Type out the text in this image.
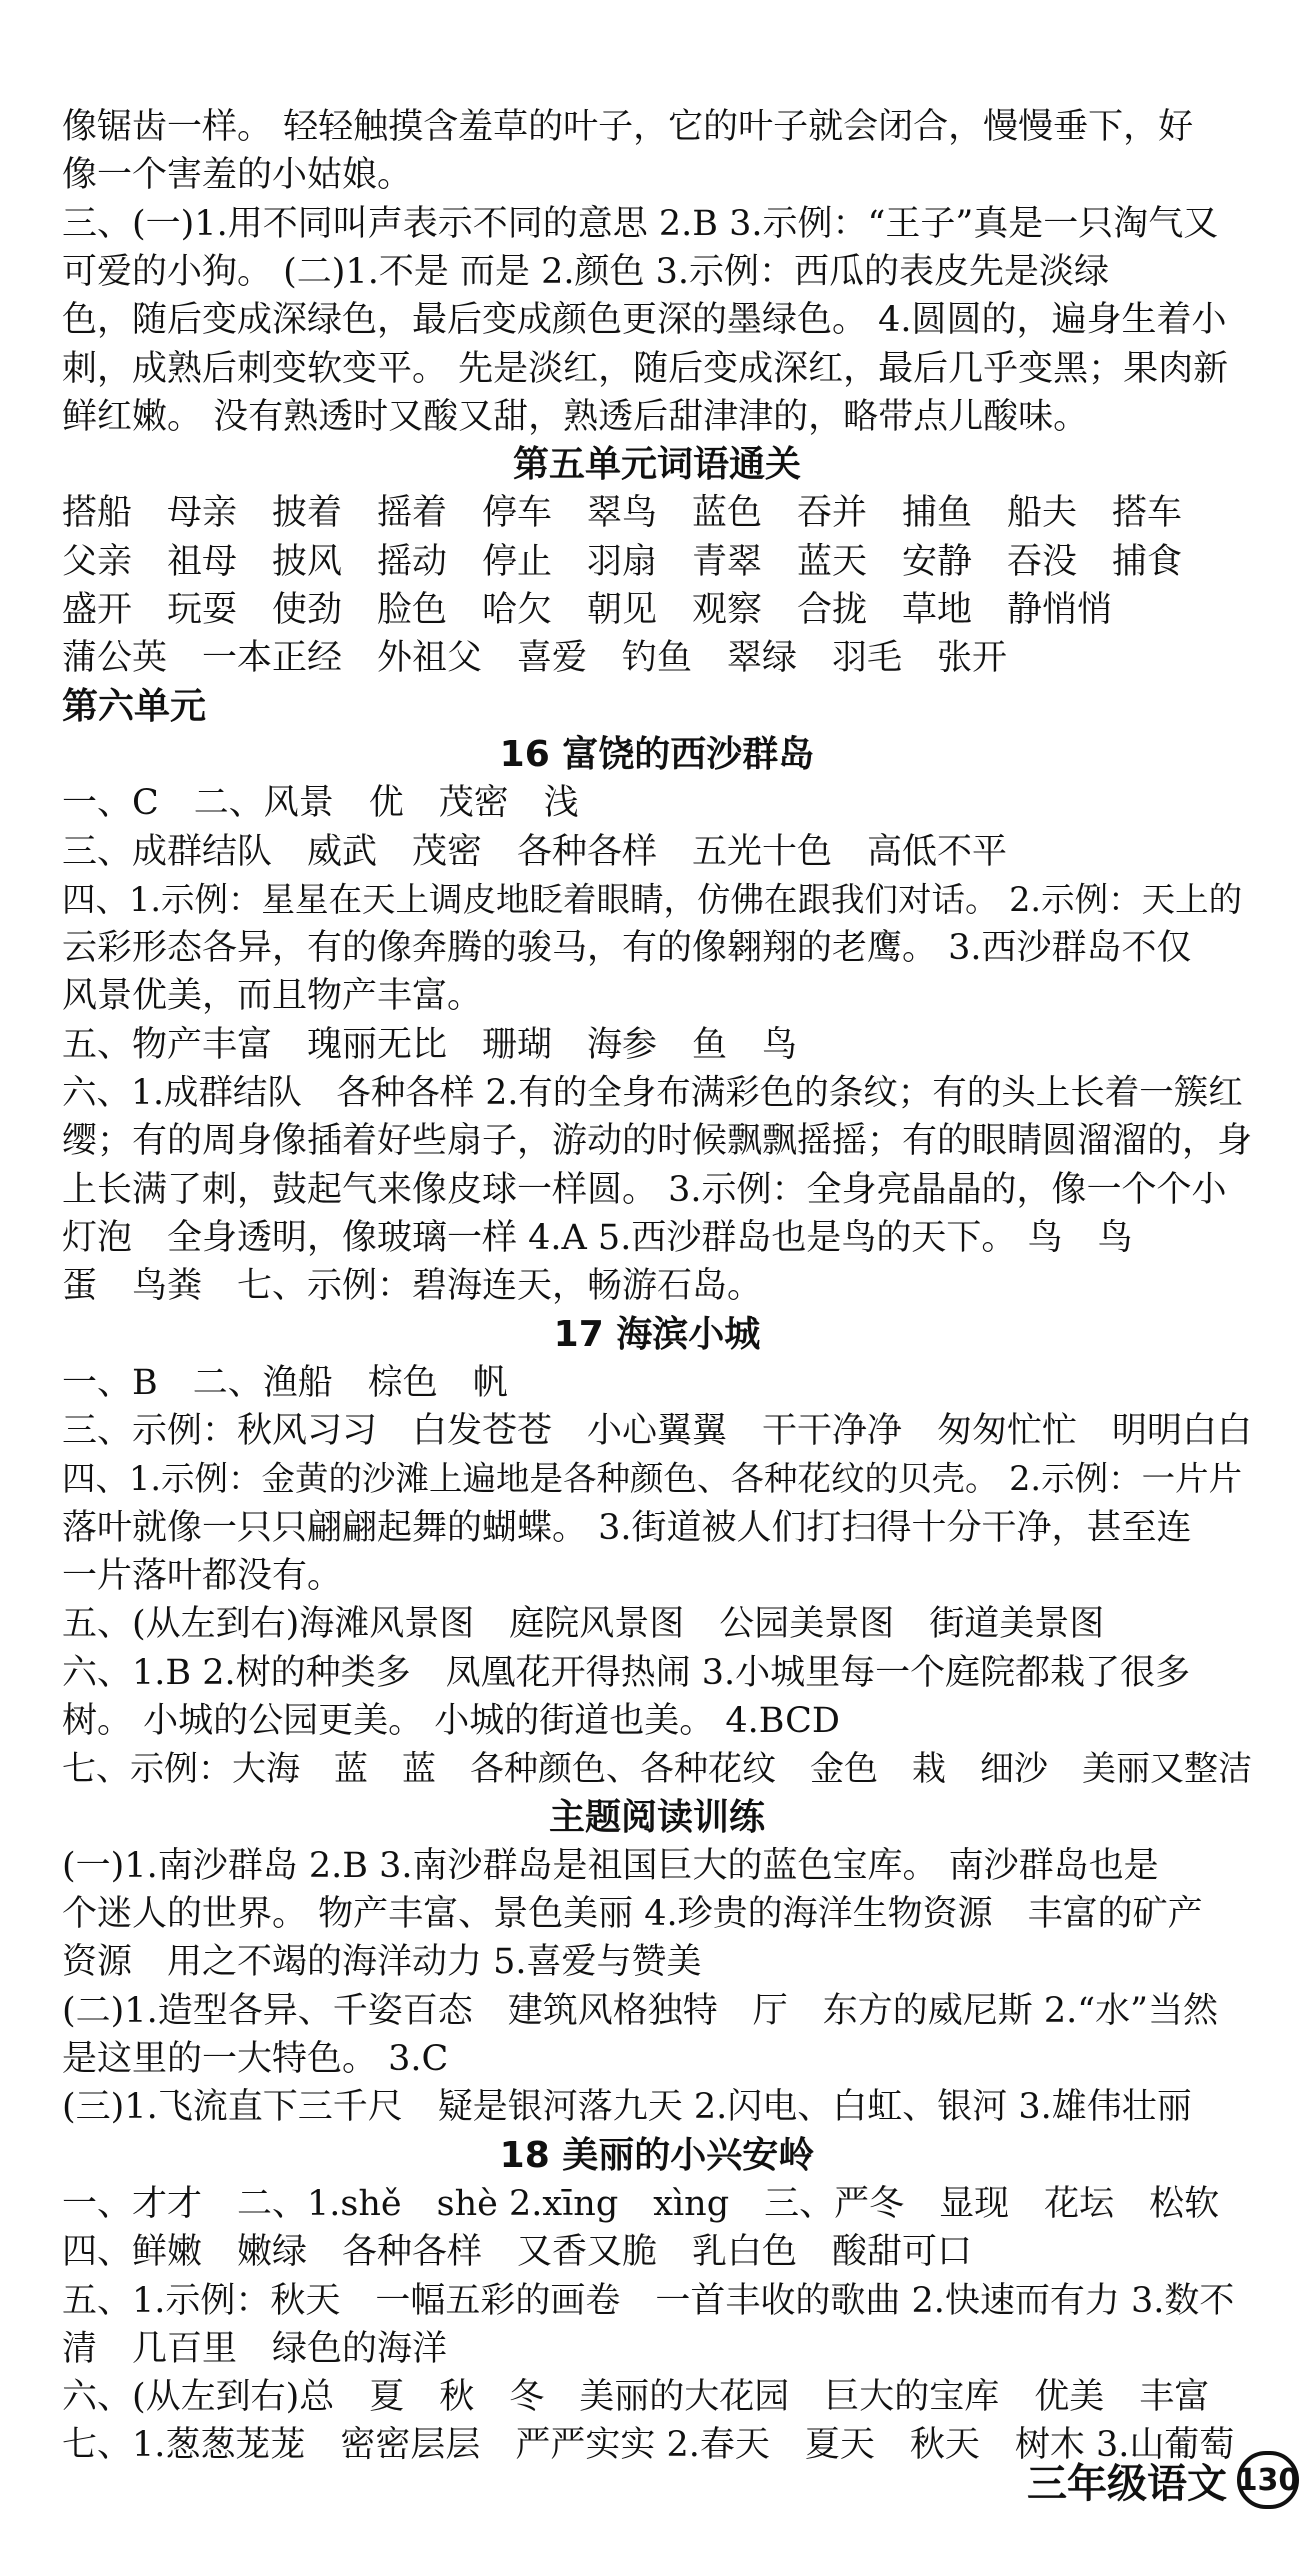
像锯齿一样。 轻轻触摸含羞草的叶子，它的叶子就会闭合，慢慢垂下，好
像一个害羞的小姑娘。
三、(一)1.用不同叫声表示不同的意思 2.B 3.示例：“王子”真是一只淘气又
可爱的小狗。 (二)1.不是 而是 2.颜色 3.示例：西瓜的表皮先是淡绿
色，随后变成深绿色，最后变成颜色更深的墨绿色。 4.圆圆的，遍身生着小
刺，成熟后刺变软变平。 先是淡红，随后变成深红，最后几乎变黑；果肉新
鲜红嫩。 没有熟透时又酸又甜，熟透后甜津津的，略带点儿酸味。
第五单元词语通关
搭船　母亲　披着　摇着　停车　翠鸟　蓝色　吞并　捕鱼　船夫　搭车
父亲　祖母　披风　摇动　停止　羽扇　青翠　蓝天　安静　吞没　捕食
盛开　玩耍　使劲　脸色　哈欠　朝见　观察　合拢　草地　静悄悄
蒲公英　一本正经　外祖父　喜爱　钓鱼　翠绿　羽毛　张开
第六单元
16 富饶的西沙群岛
一、C　二、风景　优　茂密　浅
三、成群结队　威武　茂密　各种各样　五光十色　高低不平
四、1.示例：星星在天上调皮地眨着眼睛，仿佛在跟我们对话。 2.示例：天上的
云彩形态各异，有的像奔腾的骏马，有的像翱翔的老鹰。 3.西沙群岛不仅
风景优美，而且物产丰富。
五、物产丰富　瑰丽无比　珊瑚　海参　鱼　鸟
六、1.成群结队　各种各样 2.有的全身布满彩色的条纹；有的头上长着一簇红
缨；有的周身像插着好些扇子，游动的时候飘飘摇摇；有的眼睛圆溜溜的，身
上长满了刺，鼓起气来像皮球一样圆。 3.示例：全身亮晶晶的，像一个个小
灯泡　全身透明，像玻璃一样 4.A 5.西沙群岛也是鸟的天下。 鸟　鸟
蛋　鸟粪　七、示例：碧海连天，畅游石岛。
17 海滨小城
一、B　二、渔船　棕色　帆
三、示例：秋风习习　白发苍苍　小心翼翼　干干净净　匆匆忙忙　明明白白
四、1.示例：金黄的沙滩上遍地是各种颜色、各种花纹的贝壳。 2.示例：一片片
落叶就像一只只翩翩起舞的蝴蝶。 3.街道被人们打扫得十分干净，甚至连
一片落叶都没有。
五、(从左到右)海滩风景图　庭院风景图　公园美景图　街道美景图
六、1.B 2.树的种类多　凤凰花开得热闹 3.小城里每一个庭院都栽了很多
树。 小城的公园更美。 小城的街道也美。 4.BCD
七、示例：大海　蓝　蓝　各种颜色、各种花纹　金色　栽　细沙　美丽又整洁
主题阅读训练
(一)1.南沙群岛 2.B 3.南沙群岛是祖国巨大的蓝色宝库。 南沙群岛也是
个迷人的世界。 物产丰富、景色美丽 4.珍贵的海洋生物资源　丰富的矿产
资源　用之不竭的海洋动力 5.喜爱与赞美
(二)1.造型各异、千姿百态　建筑风格独特　厅　东方的威尼斯 2.“水”当然
是这里的一大特色。 3.C
(三)1.飞流直下三千尺　疑是银河落九天 2.闪电、白虹、银河 3.雄伟壮丽
18 美丽的小兴安岭
一、才才　二、1.shě　shè 2.xīng　xìng　三、严冬　显现　花坛　松软
四、鲜嫩　嫩绿　各种各样　又香又脆　乳白色　酸甜可口
五、1.示例：秋天　一幅五彩的画卷　一首丰收的歌曲 2.快速而有力 3.数不
清　几百里　绿色的海洋
六、(从左到右)总　夏　秋　冬　美丽的大花园　巨大的宝库　优美　丰富
七、1.葱葱茏茏　密密层层　严严实实 2.春天　夏天　秋天　树木 3.山葡萄
三年级语文 130
